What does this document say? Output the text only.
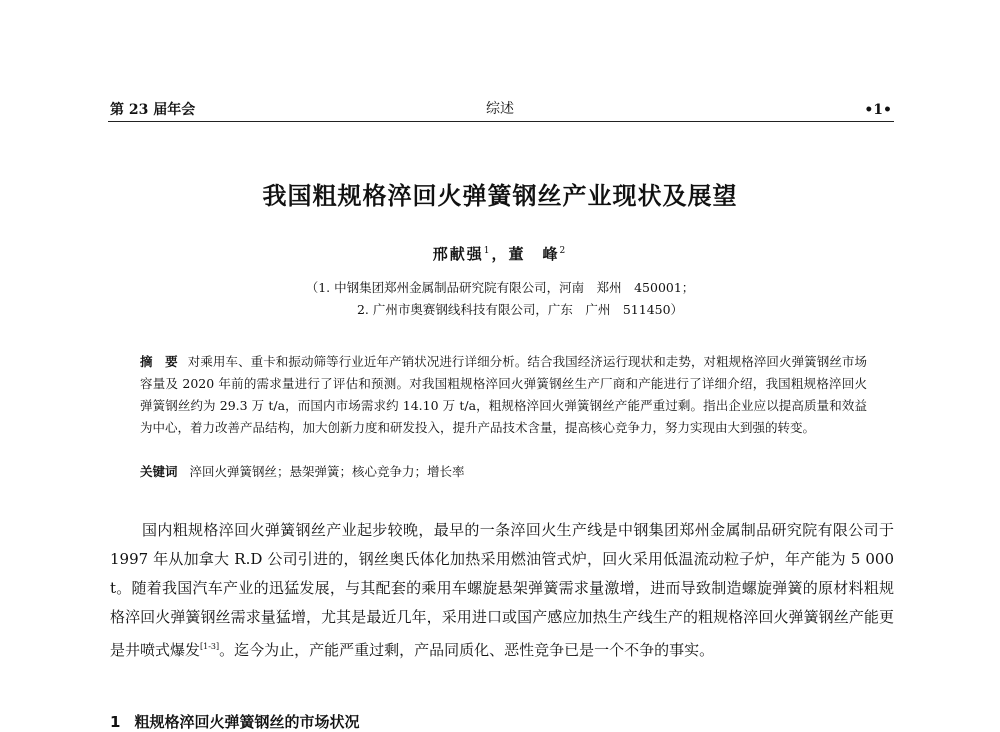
第 23 届年会	综述	•1•
我国粗规格淬回火弹簧钢丝产业现状及展望
邢献强$^1$，董　峰$^2$
（1. 中钢集团郑州金属制品研究院有限公司，河南　郑州　450001；
2. 广州市奥赛钢线科技有限公司，广东　广州　511450）
摘　要 对乘用车、重卡和振动筛等行业近年产销状况进行详细分析。结合我国经济运行现状和走势，对粗规格淬回火弹簧钢丝市场容量及 2020 年前的需求量进行了评估和预测。对我国粗规格淬回火弹簧钢丝生产厂商和产能进行了详细介绍，我国粗规格淬回火弹簧钢丝约为 29.3 万 t/a，而国内市场需求约 14.10 万 t/a，粗规格淬回火弹簧钢丝产能严重过剩。指出企业应以提高质量和效益为中心，着力改善产品结构，加大创新力度和研发投入，提升产品技术含量，提高核心竞争力，努力实现由大到强的转变。
关键词 淬回火弹簧钢丝；悬架弹簧；核心竞争力；增长率
国内粗规格淬回火弹簧钢丝产业起步较晚，最早的一条淬回火生产线是中钢集团郑州金属制品研究院有限公司于 1997 年从加拿大 R.D 公司引进的，钢丝奥氏体化加热采用燃油管式炉，回火采用低温流动粒子炉，年产能为 5 000 t。随着我国汽车产业的迅猛发展，与其配套的乘用车螺旋悬架弹簧需求量激增，进而导致制造螺旋弹簧的原材料粗规格淬回火弹簧钢丝需求量猛增，尤其是最近几年，采用进口或国产感应加热生产线生产的粗规格淬回火弹簧钢丝产能更是井喷式爆发[1-3]。迄今为止，产能严重过剩，产品同质化、恶性竞争已是一个不争的事实。
1 粗规格淬回火弹簧钢丝的市场状况
